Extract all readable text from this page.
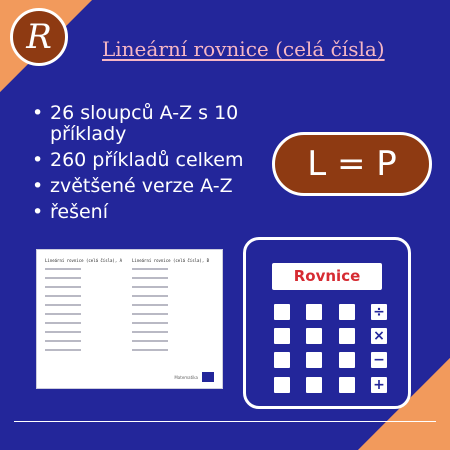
R	Lineární rovnice (celá čísla)
• 26 sloupců A-Z s 10 příklady
• 260 příkladů celkem
• zvětšené verze A-Z
• řešení
L = P
Lineární rovnice (celá čísla), A Lineární rovnice (celá čísla), B
Matematika
Rovnice
÷
×
−
+
